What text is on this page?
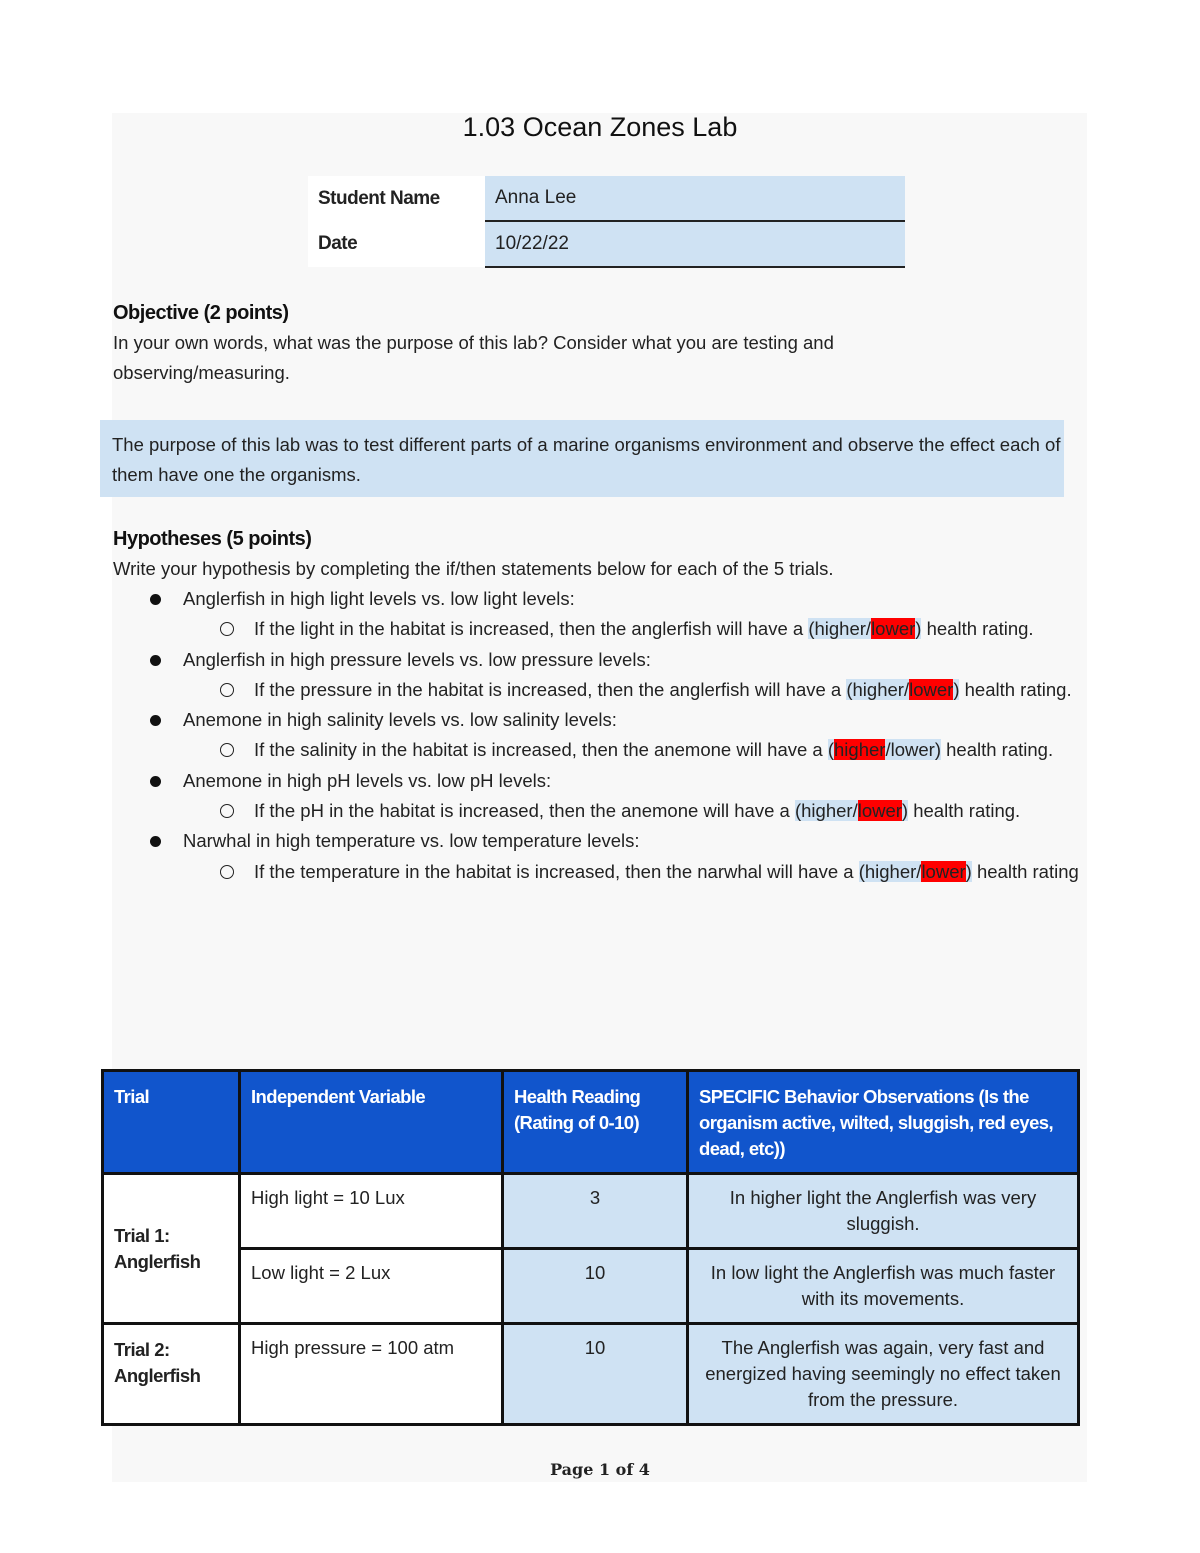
1.03 Ocean Zones Lab
Student Name	Anna Lee
Date	10/22/22
Objective (2 points)
In your own words, what was the purpose of this lab? Consider what you are testing and observing/measuring.
The purpose of this lab was to test different parts of a marine organisms environment and observe the effect each of them have one the organisms.
Hypotheses (5 points)
Write your hypothesis by completing the if/then statements below for each of the 5 trials.
Anglerfish in high light levels vs. low light levels:
If the light in the habitat is increased, then the anglerfish will have a (higher/lower) health rating.
Anglerfish in high pressure levels vs. low pressure levels:
If the pressure in the habitat is increased, then the anglerfish will have a (higher/lower) health rating.
Anemone in high salinity levels vs. low salinity levels:
If the salinity in the habitat is increased, then the anemone will have a (higher/lower) health rating.
Anemone in high pH levels vs. low pH levels:
If the pH in the habitat is increased, then the anemone will have a (higher/lower) health rating.
Narwhal in high temperature vs. low temperature levels:
If the temperature in the habitat is increased, then the narwhal will have a (higher/lower) health rating
Trial	Independent Variable	Health Reading (Rating of 0-10)	SPECIFIC Behavior Observations (Is the organism active, wilted, sluggish, red eyes, dead, etc))
Trial 1: Anglerfish	High light = 10 Lux	3	In higher light the Anglerfish was very sluggish.
	Low light = 2 Lux	10	In low light the Anglerfish was much faster with its movements.
Trial 2: Anglerfish	High pressure = 100 atm	10	The Anglerfish was again, very fast and energized having seemingly no effect taken from the pressure.
Page 1 of 4
